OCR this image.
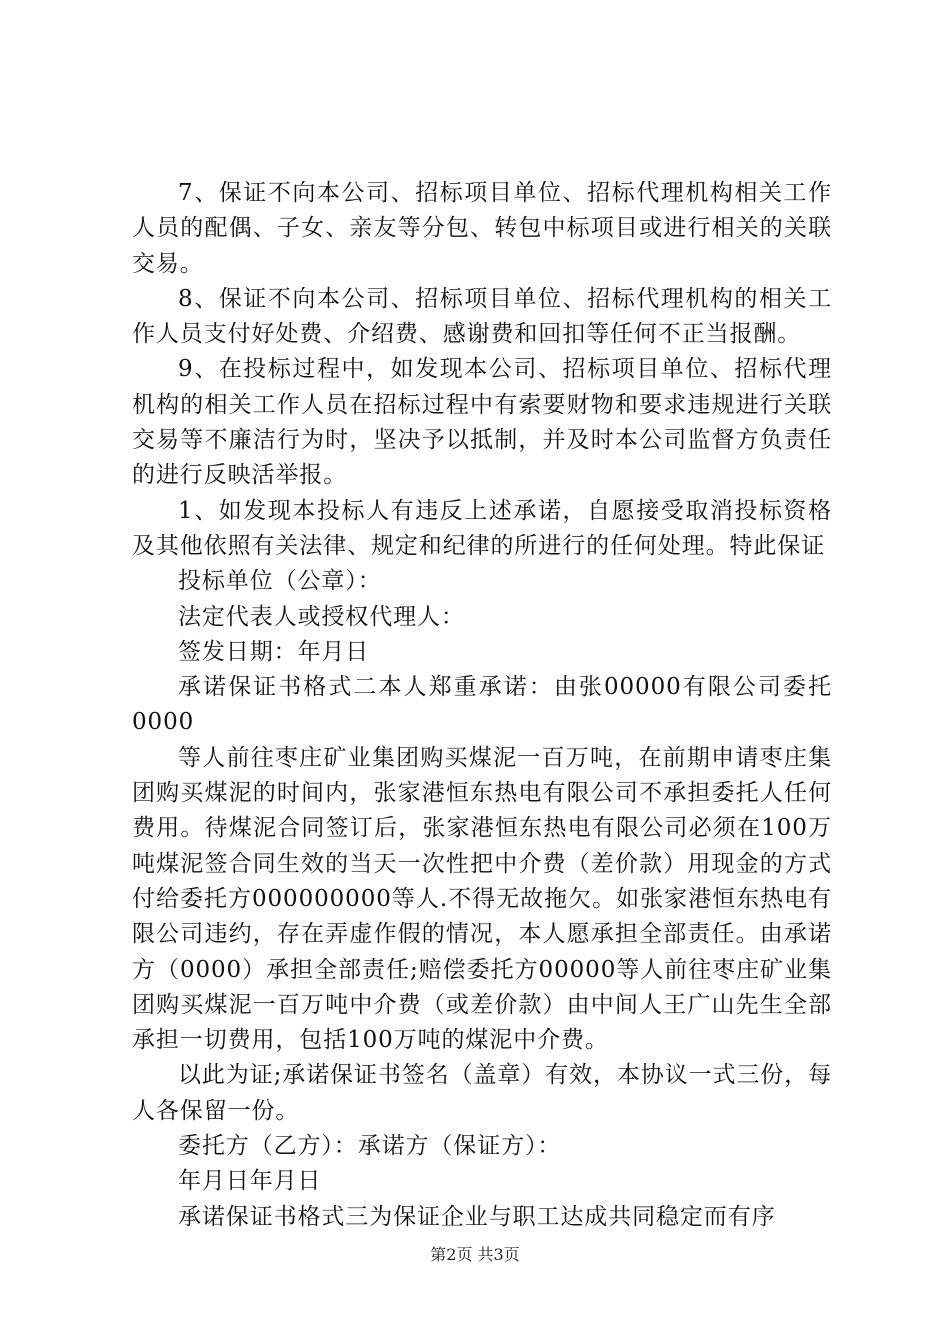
7、保证不向本公司、招标项目单位、招标代理机构相关工作人员的配偶、子女、亲友等分包、转包中标项目或进行相关的关联交易。

8、保证不向本公司、招标项目单位、招标代理机构的相关工作人员支付好处费、介绍费、感谢费和回扣等任何不正当报酬。

9、在投标过程中，如发现本公司、招标项目单位、招标代理机构的相关工作人员在招标过程中有索要财物和要求违规进行关联交易等不廉洁行为时，坚决予以抵制，并及时本公司监督方负责任的进行反映活举报。

1、如发现本投标人有违反上述承诺，自愿接受取消投标资格及其他依照有关法律、规定和纪律的所进行的任何处理。特此保证

投标单位（公章）：

法定代表人或授权代理人：

签发日期：年月日

承诺保证书格式二本人郑重承诺：由张00000有限公司委托0000

等人前往枣庄矿业集团购买煤泥一百万吨，在前期申请枣庄集团购买煤泥的时间内，张家港恒东热电有限公司不承担委托人任何费用。待煤泥合同签订后，张家港恒东热电有限公司必须在100万吨煤泥签合同生效的当天一次性把中介费（差价款）用现金的方式付给委托方000000000等人.不得无故拖欠。如张家港恒东热电有限公司违约，存在弄虚作假的情况，本人愿承担全部责任。由承诺方（0000）承担全部责任;赔偿委托方00000等人前往枣庄矿业集团购买煤泥一百万吨中介费（或差价款）由中间人王广山先生全部承担一切费用，包括100万吨的煤泥中介费。

以此为证;承诺保证书签名（盖章）有效，本协议一式三份，每人各保留一份。

委托方（乙方）：承诺方（保证方）：

年月日年月日

承诺保证书格式三为保证企业与职工达成共同稳定而有序

第2页 共3页
